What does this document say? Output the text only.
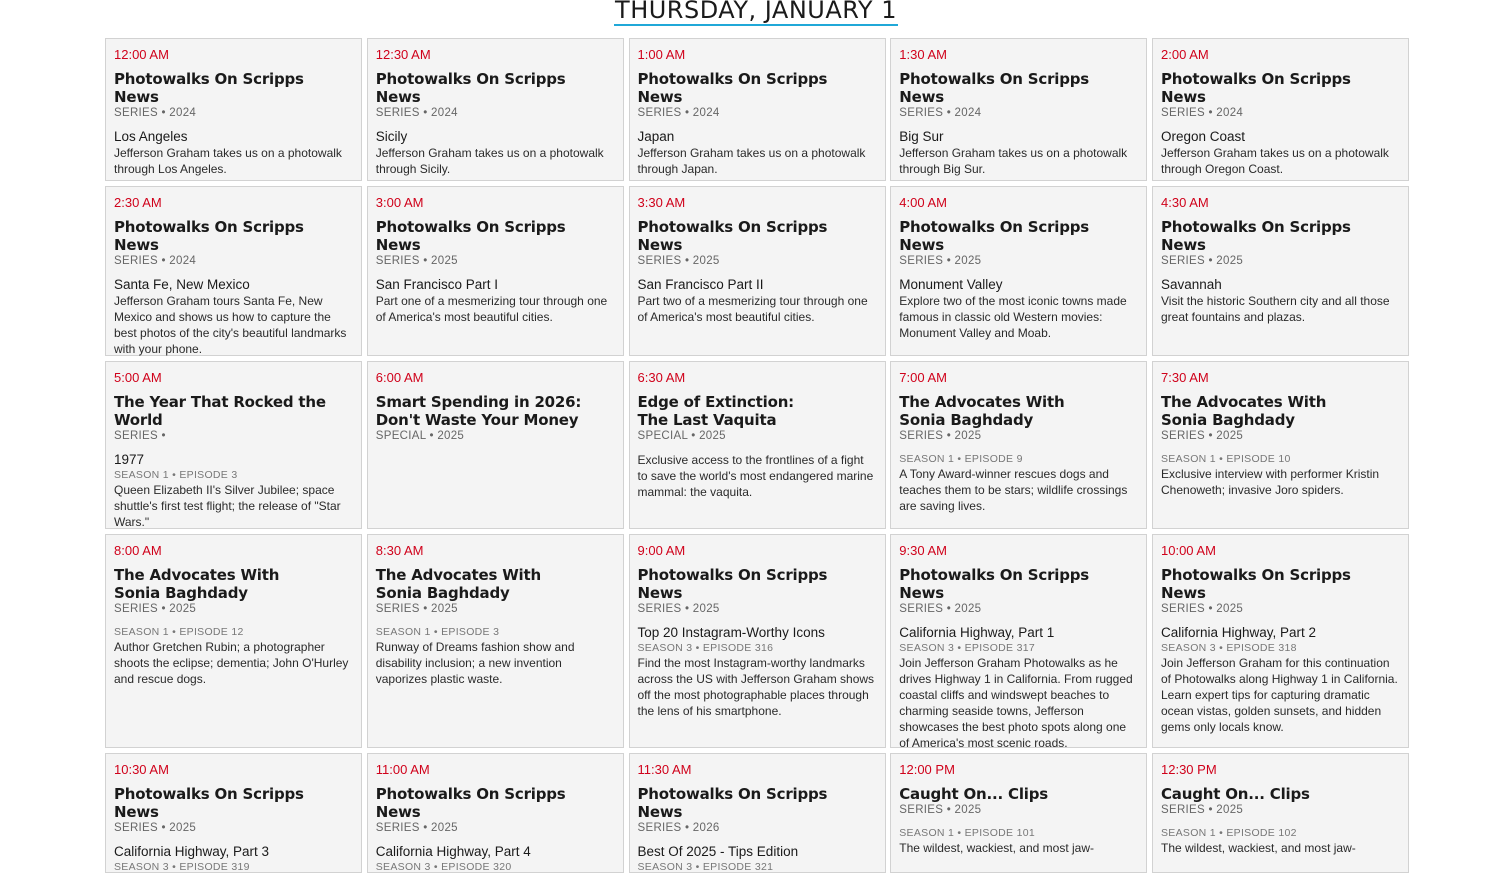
THURSDAY, JANUARY 1
12:00 AM
Photowalks On Scripps News
SERIES • 2024
Los Angeles
Jefferson Graham takes us on a photowalk through Los Angeles.
12:30 AM
Photowalks On Scripps News
SERIES • 2024
Sicily
Jefferson Graham takes us on a photowalk through Sicily.
1:00 AM
Photowalks On Scripps News
SERIES • 2024
Japan
Jefferson Graham takes us on a photowalk through Japan.
1:30 AM
Photowalks On Scripps News
SERIES • 2024
Big Sur
Jefferson Graham takes us on a photowalk through Big Sur.
2:00 AM
Photowalks On Scripps News
SERIES • 2024
Oregon Coast
Jefferson Graham takes us on a photowalk through Oregon Coast.
2:30 AM
Photowalks On Scripps News
SERIES • 2024
Santa Fe, New Mexico
Jefferson Graham tours Santa Fe, New Mexico and shows us how to capture the best photos of the city's beautiful landmarks with your phone.
3:00 AM
Photowalks On Scripps News
SERIES • 2025
San Francisco Part I
Part one of a mesmerizing tour through one of America's most beautiful cities.
3:30 AM
Photowalks On Scripps News
SERIES • 2025
San Francisco Part II
Part two of a mesmerizing tour through one of America's most beautiful cities.
4:00 AM
Photowalks On Scripps News
SERIES • 2025
Monument Valley
Explore two of the most iconic towns made famous in classic old Western movies: Monument Valley and Moab.
4:30 AM
Photowalks On Scripps News
SERIES • 2025
Savannah
Visit the historic Southern city and all those great fountains and plazas.
5:00 AM
The Year That Rocked the World
SERIES •
1977
SEASON 1 • EPISODE 3
Queen Elizabeth II's Silver Jubilee; space shuttle's first test flight; the release of "Star Wars."
6:00 AM
Smart Spending in 2026:
Don't Waste Your Money
SPECIAL • 2025
6:30 AM
Edge of Extinction:
The Last Vaquita
SPECIAL • 2025
Exclusive access to the frontlines of a fight to save the world's most endangered marine mammal: the vaquita.
7:00 AM
The Advocates With
Sonia Baghdady
SERIES • 2025
SEASON 1 • EPISODE 9
A Tony Award-winner rescues dogs and teaches them to be stars; wildlife crossings are saving lives.
7:30 AM
The Advocates With
Sonia Baghdady
SERIES • 2025
SEASON 1 • EPISODE 10
Exclusive interview with performer Kristin Chenoweth; invasive Joro spiders.
8:00 AM
The Advocates With
Sonia Baghdady
SERIES • 2025
SEASON 1 • EPISODE 12
Author Gretchen Rubin; a photographer shoots the eclipse; dementia; John O'Hurley and rescue dogs.
8:30 AM
The Advocates With
Sonia Baghdady
SERIES • 2025
SEASON 1 • EPISODE 3
Runway of Dreams fashion show and disability inclusion; a new invention vaporizes plastic waste.
9:00 AM
Photowalks On Scripps News
SERIES • 2025
Top 20 Instagram-Worthy Icons
SEASON 3 • EPISODE 316
Find the most Instagram-worthy landmarks across the US with Jefferson Graham shows off the most photographable places through the lens of his smartphone.
9:30 AM
Photowalks On Scripps News
SERIES • 2025
California Highway, Part 1
SEASON 3 • EPISODE 317
Join Jefferson Graham Photowalks as he drives Highway 1 in California. From rugged coastal cliffs and windswept beaches to charming seaside towns, Jefferson showcases the best photo spots along one of America's most scenic roads.
10:00 AM
Photowalks On Scripps News
SERIES • 2025
California Highway, Part 2
SEASON 3 • EPISODE 318
Join Jefferson Graham for this continuation of Photowalks along Highway 1 in California. Learn expert tips for capturing dramatic ocean vistas, golden sunsets, and hidden gems only locals know.
10:30 AM
Photowalks On Scripps News
SERIES • 2025
California Highway, Part 3
SEASON 3 • EPISODE 319
11:00 AM
Photowalks On Scripps News
SERIES • 2025
California Highway, Part 4
SEASON 3 • EPISODE 320
11:30 AM
Photowalks On Scripps News
SERIES • 2026
Best Of 2025 - Tips Edition
SEASON 3 • EPISODE 321
12:00 PM
Caught On... Clips
SERIES • 2025
SEASON 1 • EPISODE 101
The wildest, wackiest, and most jaw-
12:30 PM
Caught On... Clips
SERIES • 2025
SEASON 1 • EPISODE 102
The wildest, wackiest, and most jaw-
